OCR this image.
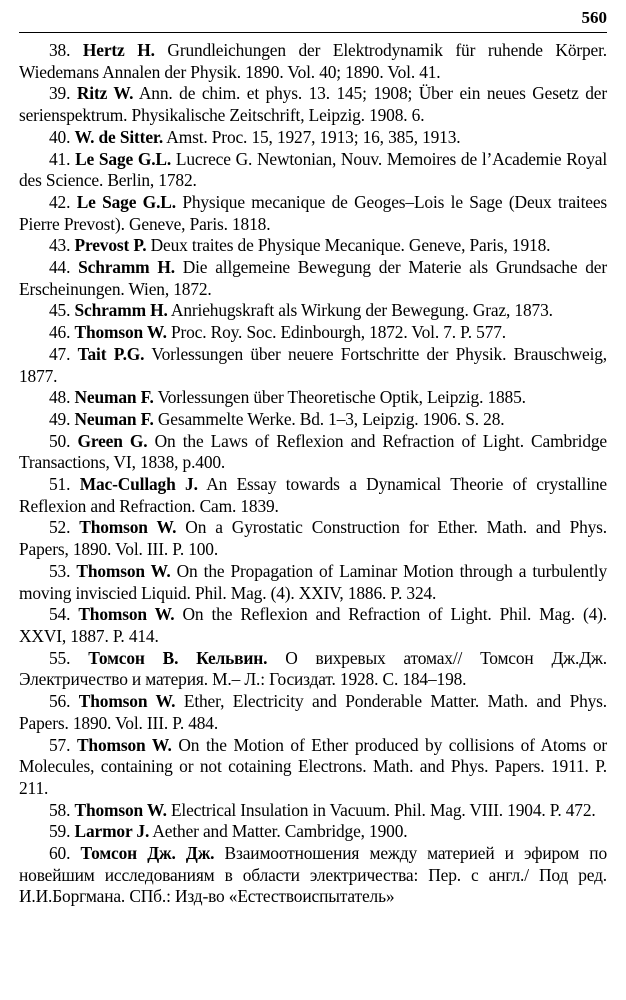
560
38. Hertz H. Grundleichungen der Elektrodynamik für ruhende Körper. Wiedemans Annalen der Physik. 1890. Vol. 40; 1890. Vol. 41.
39. Ritz W. Ann. de chim. et phys. 13. 145; 1908; Über ein neues Gesetz der serienspektrum. Physikalische Zeitschrift, Leipzig. 1908. 6.
40. W. de Sitter. Amst. Proc. 15, 1927, 1913; 16, 385, 1913.
41. Le Sage G.L. Lucrece G. Newtonian, Nouv. Memoires de l’Academie Royal des Science. Berlin, 1782.
42. Le Sage G.L. Physique mecanique de Geoges–Lois le Sage (Deux traitees Pierre Prevost). Geneve, Paris. 1818.
43. Prevost P. Deux traites de Physique Mecanique. Geneve, Paris, 1918.
44. Schramm H. Die allgemeine Bewegung der Materie als Grundsache der Erscheinungen. Wien, 1872.
45. Schramm H. Anriehugskraft als Wirkung der Bewegung. Graz, 1873.
46. Thomson W. Proc. Roy. Soc. Edinbourgh, 1872. Vol. 7. P. 577.
47. Tait P.G. Vorlessungen über neuere Fortschritte der Physik. Brauschweig, 1877.
48. Neuman F. Vorlessungen über Theoretische Optik, Leipzig. 1885.
49. Neuman F. Gesammelte Werke. Bd. 1–3, Leipzig. 1906. S. 28.
50. Green G. On the Laws of Reflexion and Refraction of Light. Cambridge Transactions, VI, 1838, p.400.
51. Mac-Cullagh J. An Essay towards a Dynamical Theorie of crystalline Reflexion and Refraction. Cam. 1839.
52. Thomson W. On a Gyrostatic Construction for Ether. Math. and Phys. Papers, 1890. Vol. III. P. 100.
53. Thomson W. On the Propagation of Laminar Motion through a turbulently moving inviscied Liquid. Phil. Mag. (4). XXIV, 1886. P. 324.
54. Thomson W. On the Reflexion and Refraction of Light. Phil. Mag. (4). XXVI, 1887. P. 414.
55. Томсон В. Кельвин. О вихревых атомах// Томсон Дж.Дж. Электричество и материя. М.– Л.: Госиздат. 1928. С. 184–198.
56. Thomson W. Ether, Electricity and Ponderable Matter. Math. and Phys. Papers. 1890. Vol. III. P. 484.
57. Thomson W. On the Motion of Ether produced by collisions of Atoms or Molecules, containing or not cotaining Electrons. Math. and Phys. Papers. 1911. P. 211.
58. Thomson W. Electrical Insulation in Vacuum. Phil. Mag. VIII. 1904. P. 472.
59. Larmor J. Aether and Matter. Cambridge, 1900.
60. Томсон Дж. Дж. Взаимоотношения между материей и эфиром по новейшим исследованиям в области электричества: Пер. с англ./ Под ред. И.И.Боргмана. СПб.: Изд-во «Естествоиспытатель»
